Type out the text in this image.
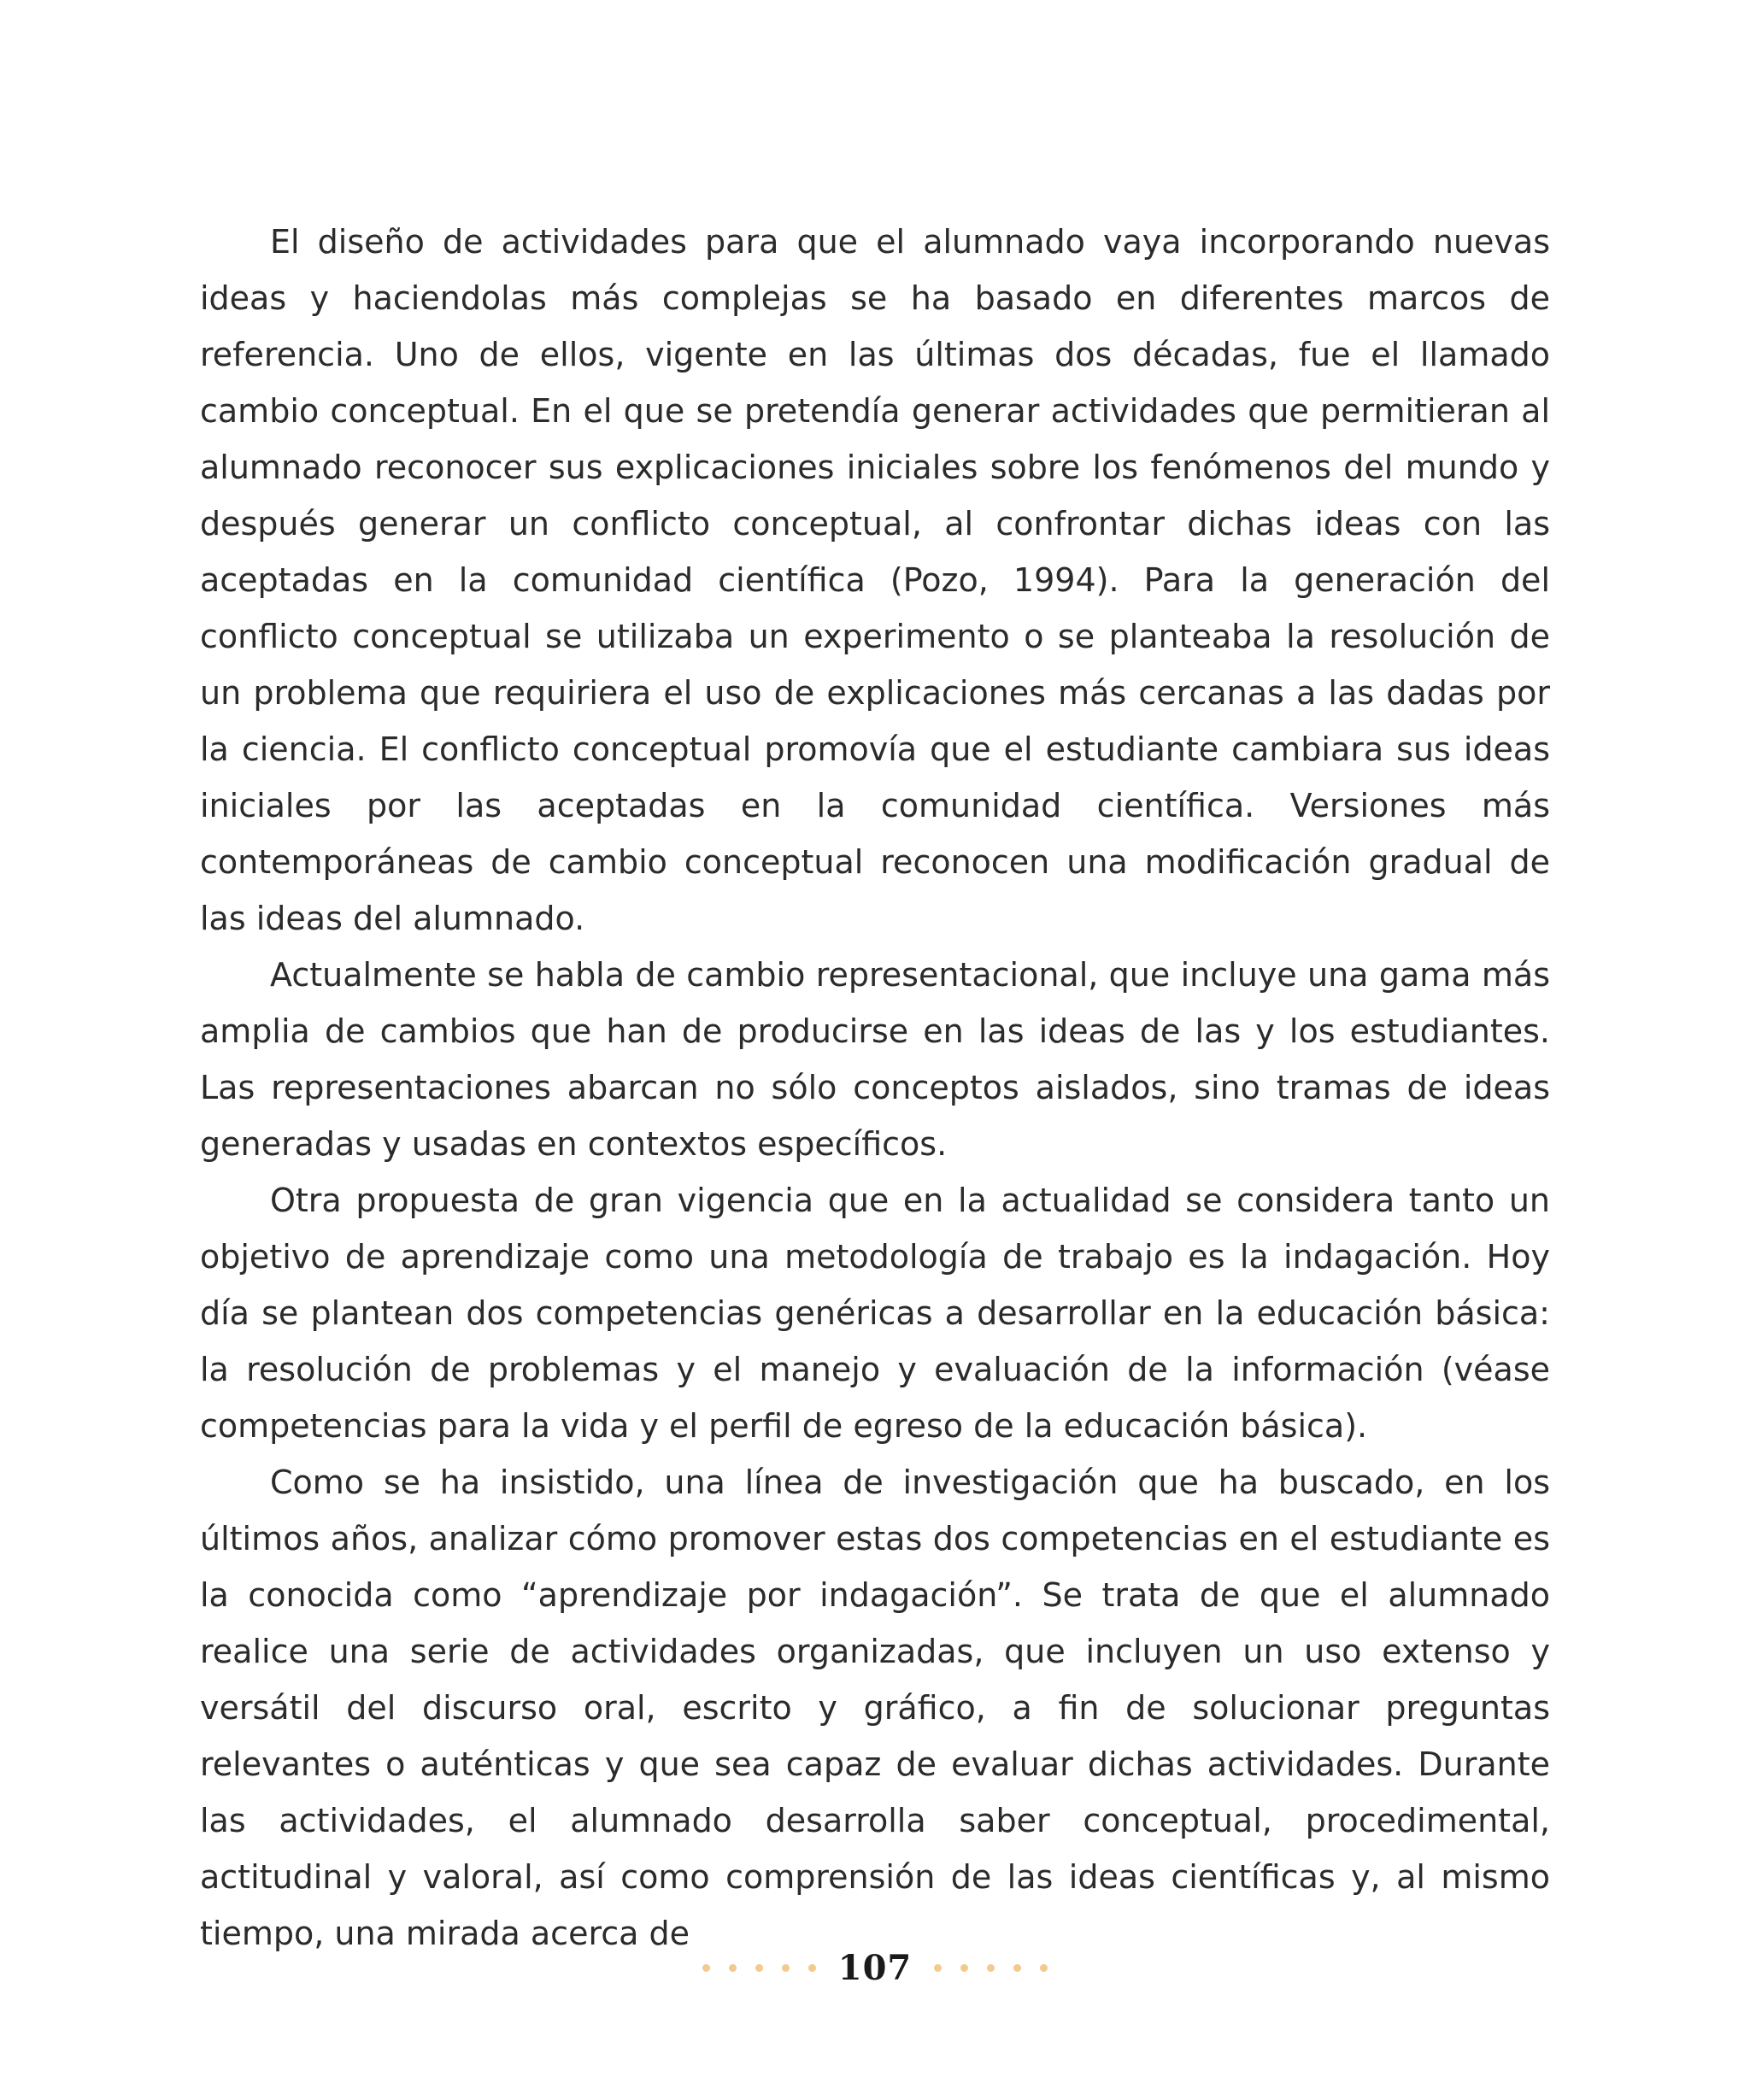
El diseño de actividades para que el alumnado vaya incorporando nuevas ideas y haciendolas más complejas se ha basado en diferentes marcos de referencia. Uno de ellos, vigente en las últimas dos décadas, fue el llamado cambio conceptual. En el que se pretendía generar actividades que permitieran al alumnado reconocer sus explicaciones iniciales sobre los fenómenos del mundo y después generar un conflicto conceptual, al confrontar dichas ideas con las aceptadas en la comunidad científica (Pozo, 1994). Para la generación del conflicto conceptual se utilizaba un experimento o se planteaba la resolución de un problema que requiriera el uso de explicaciones más cercanas a las dadas por la ciencia. El conflicto conceptual promovía que el estudiante cambiara sus ideas iniciales por las aceptadas en la comunidad científica. Versiones más contemporáneas de cambio conceptual reconocen una modificación gradual de las ideas del alumnado.

Actualmente se habla de cambio representacional, que incluye una gama más amplia de cambios que han de producirse en las ideas de las y los estudiantes. Las representaciones abarcan no sólo conceptos aislados, sino tramas de ideas generadas y usadas en contextos específicos.

Otra propuesta de gran vigencia que en la actualidad se considera tanto un objetivo de aprendizaje como una metodología de trabajo es la indagación. Hoy día se plantean dos competencias genéricas a desarrollar en la educación básica: la resolución de problemas y el manejo y evaluación de la información (véase competencias para la vida y el perfil de egreso de la educación básica).

Como se ha insistido, una línea de investigación que ha buscado, en los últimos años, analizar cómo promover estas dos competencias en el estudiante es la conocida como “aprendizaje por indagación”. Se trata de que el alumnado realice una serie de actividades organizadas, que incluyen un uso extenso y versátil del discurso oral, escrito y gráfico, a fin de solucionar preguntas relevantes o auténticas y que sea capaz de evaluar dichas actividades. Durante las actividades, el alumnado desarrolla saber conceptual, procedimental, actitudinal y valoral, así como comprensión de las ideas científicas y, al mismo tiempo, una mirada acerca de

107
